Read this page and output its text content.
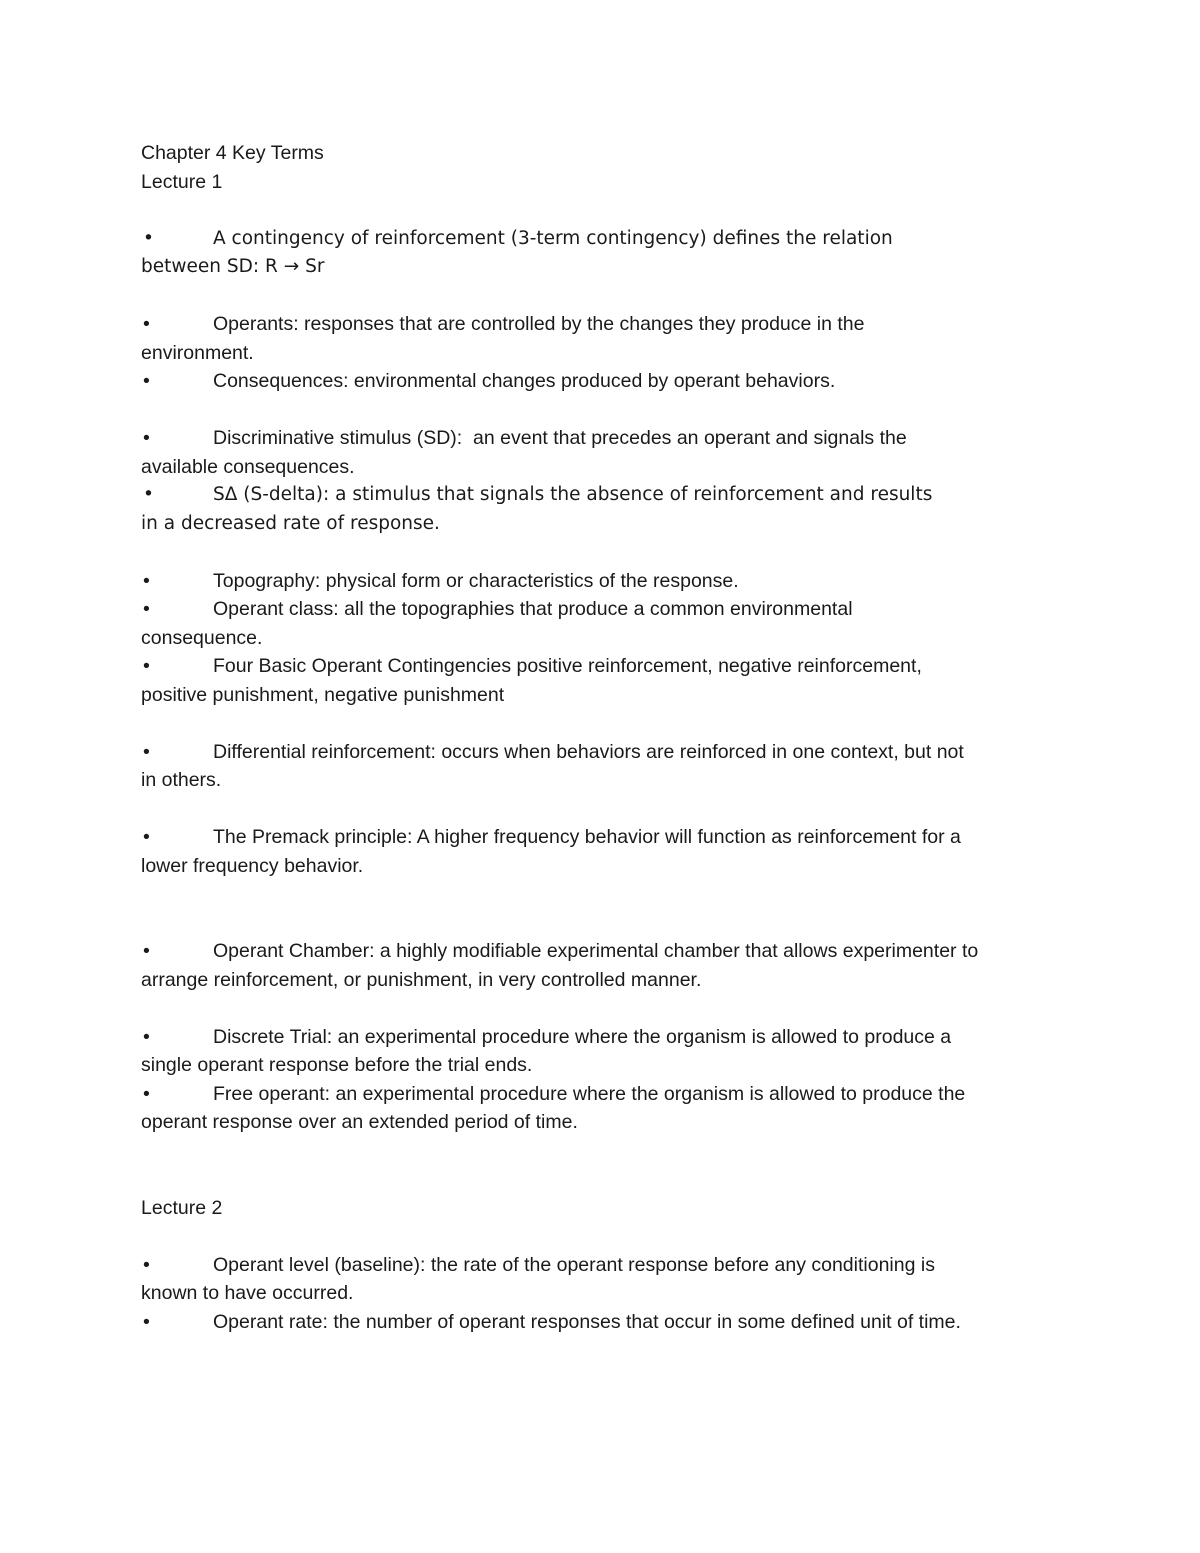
Chapter 4 Key Terms

Lecture 1

•	A contingency of reinforcement (3-term contingency) defines the relation

between SD: R → Sr

•	Operants: responses that are controlled by the changes they produce in the

environment.

•	Consequences: environmental changes produced by operant behaviors.

•	Discriminative stimulus (SD):  an event that precedes an operant and signals the

available consequences.

•	SΔ (S-delta): a stimulus that signals the absence of reinforcement and results

in a decreased rate of response.

•	Topography: physical form or characteristics of the response.

•	Operant class: all the topographies that produce a common environmental

consequence.

•	Four Basic Operant Contingencies positive reinforcement, negative reinforcement,

positive punishment, negative punishment

•	Differential reinforcement: occurs when behaviors are reinforced in one context, but not

in others.

•	The Premack principle: A higher frequency behavior will function as reinforcement for a

lower frequency behavior.

•	Operant Chamber: a highly modifiable experimental chamber that allows experimenter to

arrange reinforcement, or punishment, in very controlled manner.

•	Discrete Trial: an experimental procedure where the organism is allowed to produce a

single operant response before the trial ends.

•	Free operant: an experimental procedure where the organism is allowed to produce the

operant response over an extended period of time.

Lecture 2

•	Operant level (baseline): the rate of the operant response before any conditioning is

known to have occurred.

•	Operant rate: the number of operant responses that occur in some defined unit of time.
